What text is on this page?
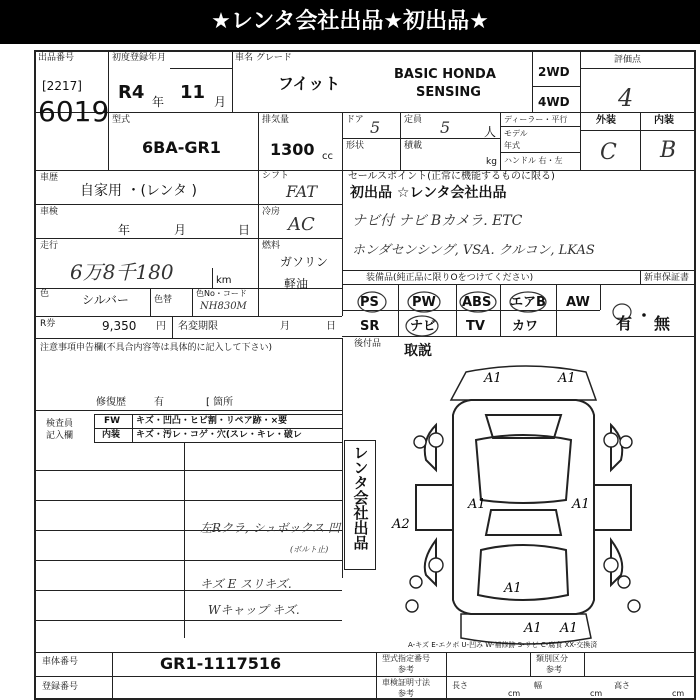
★レンタ会社出品★初出品★
出品番号
[2217]
6019
初度登録年月
R4 年 11 月
車名 グレード
フイット	BASIC HONDA
SENSING
2WD
4WD
評価点
4
型式
6BA-GR1
排気量
1300 cc
ドア 5	定員 5	人
形状	積載
kg
ディーラー・平行
モデル
年式
ハンドル 右・左
外装	内装
C B
車歴
自家用 ・(レンタ )
シフト
FAT
車検
年	月	日
冷房
AC
走行
6万8千180	km
燃料
ガソリン
軽油
色	シルバー	色替
色No・コード
NH830M
R券	9,350 円 名変期限	月	日
セールスポイント(正常に機能するものに限る)
初出品 ☆レンタ会社出品
ナビ付 ナビ Bカメラ. ETC
ホンダセンシング, VSA. クルコン, LKAS
装備品(純正品に限りOをつけてください)	新車保証書
PS	PW ABS エアB AW
SR ナビ TV カワ	有 ・ 無
後付品 取説
注意事項申告欄(不具合内容等は具体的に記入して下さい)
修復歴	有	[ 箇所
検査員
記入欄
FW キズ・凹凸・ヒビ割・リペア跡・×要
内装 キズ・汚レ・コゲ・穴(スレ・キレ・破レ
左Rクラ, シュボックス 凹
(ボルト止)
キズ E スリキズ.
Wキャップ キズ.
レンタ会社出品
A1	A1
A1	A1
A2
A1
A1 A1
A-キズ E-エクボ U-凹み W-補修跡 S-サビ C-腐食 XX-交換済
車体番号	GR1-1117516
登録番号
型式指定番号
参考
類別区分
参考
車検証明寸法
参考
長さ
cm
幅
cm
高さ
cm
